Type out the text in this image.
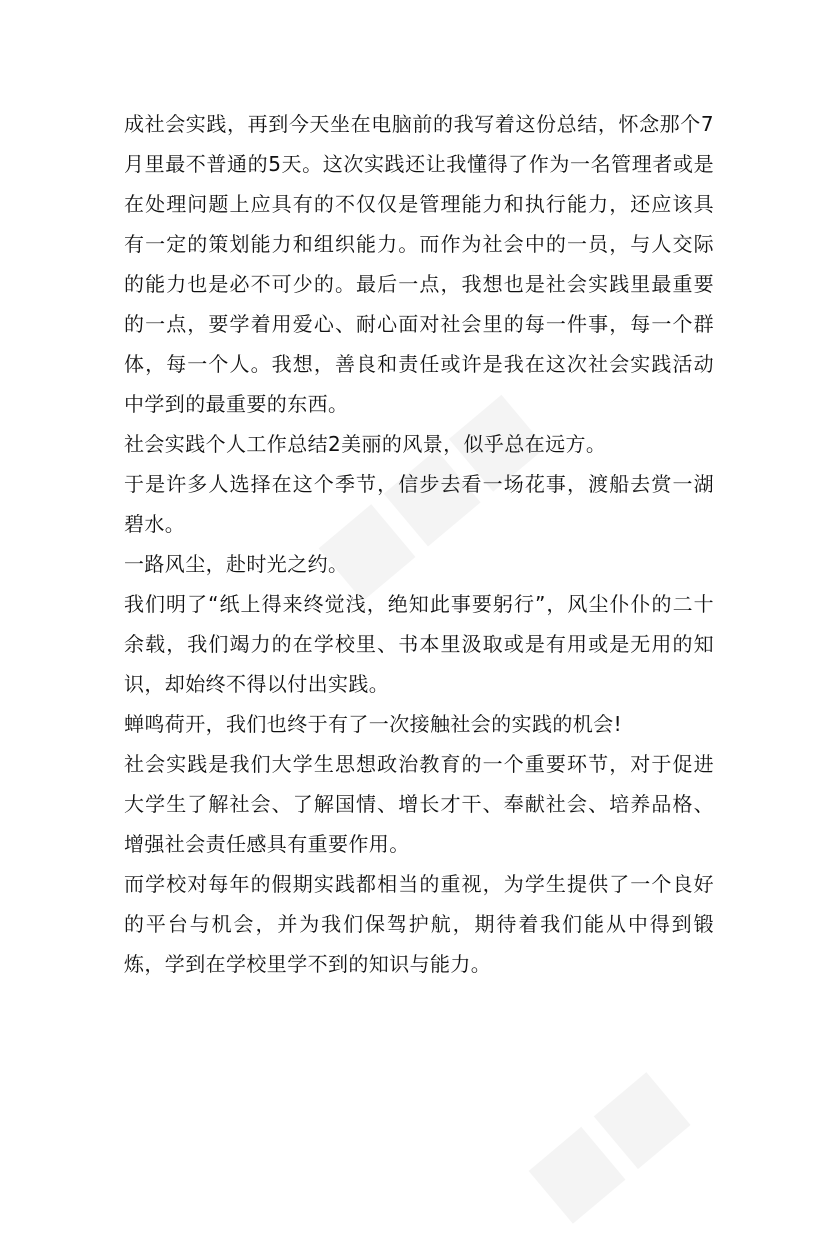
成社会实践，再到今天坐在电脑前的我写着这份总结，怀念那个7月里最不普通的5天。这次实践还让我懂得了作为一名管理者或是在处理问题上应具有的不仅仅是管理能力和执行能力，还应该具有一定的策划能力和组织能力。而作为社会中的一员，与人交际的能力也是必不可少的。最后一点，我想也是社会实践里最重要的一点，要学着用爱心、耐心面对社会里的每一件事，每一个群体，每一个人。我想，善良和责任或许是我在这次社会实践活动中学到的最重要的东西。

社会实践个人工作总结2美丽的风景，似乎总在远方。

于是许多人选择在这个季节，信步去看一场花事，渡船去赏一湖碧水。

一路风尘，赴时光之约。

我们明了“纸上得来终觉浅，绝知此事要躬行”，风尘仆仆的二十余载，我们竭力的在学校里、书本里汲取或是有用或是无用的知识，却始终不得以付出实践。

蝉鸣荷开，我们也终于有了一次接触社会的实践的机会!

社会实践是我们大学生思想政治教育的一个重要环节，对于促进大学生了解社会、了解国情、增长才干、奉献社会、培养品格、增强社会责任感具有重要作用。

而学校对每年的假期实践都相当的重视，为学生提供了一个良好的平台与机会，并为我们保驾护航，期待着我们能从中得到锻炼，学到在学校里学不到的知识与能力。
